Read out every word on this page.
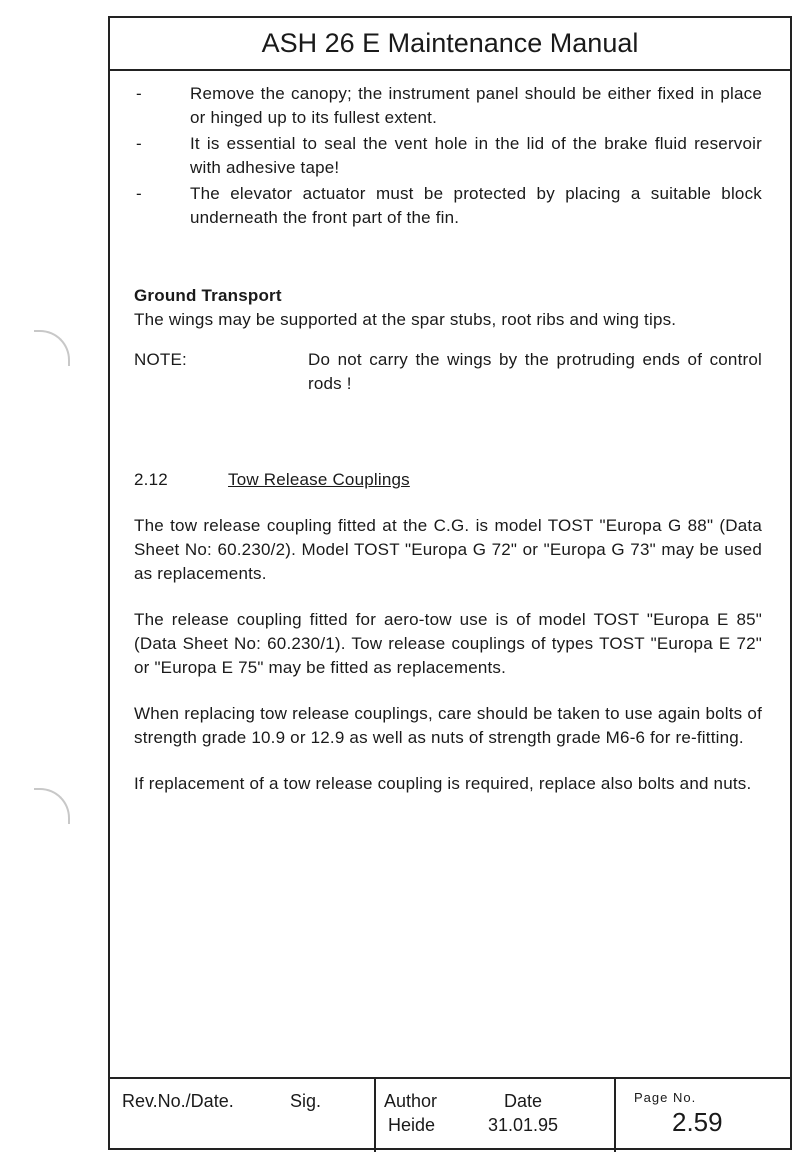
ASH 26 E Maintenance Manual
-	Remove the canopy; the instrument panel should be either fixed in place or hinged up to its fullest extent.
-	It is essential to seal the vent hole in the lid of the brake fluid reservoir with adhesive tape!
-	The elevator actuator must be protected by placing a suitable block underneath the front part of the fin.
Ground Transport

The wings may be supported at the spar stubs, root ribs and wing tips.

NOTE:	Do not carry the wings by the protruding ends of control rods !
2.12	Tow Release Couplings

The tow release coupling fitted at the C.G. is model TOST "Europa G 88" (Data Sheet No: 60.230/2). Model TOST "Europa G 72" or "Europa G 73" may be used as replacements.

The release coupling fitted for aero-tow use is of model TOST "Europa E 85" (Data Sheet No: 60.230/1). Tow release couplings of types TOST "Europa E 72" or "Europa E 75" may be fitted as replacements.

When replacing tow release couplings, care should be taken to use again bolts of strength grade 10.9 or 12.9 as well as nuts of strength grade M6-6 for re-fitting.

If replacement of a tow release coupling is required, replace also bolts and nuts.

Rev.No./Date.	Sig.	Author	Date
Heide	31.01.95
Page No.
2.59
